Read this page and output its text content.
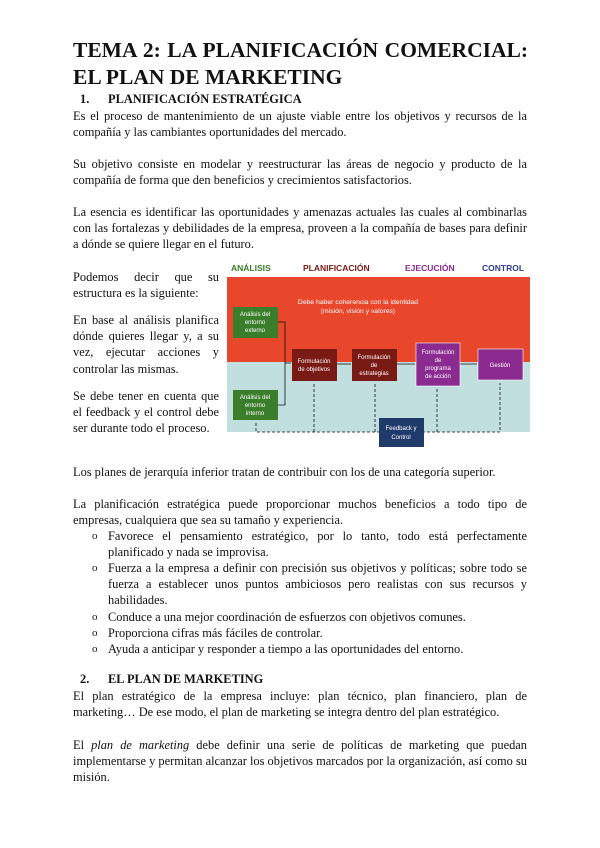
TEMA 2: LA PLANIFICACIÓN COMERCIAL: EL PLAN DE MARKETING
1. PLANIFICACIÓN ESTRATÉGICA
Es el proceso de mantenimiento de un ajuste viable entre los objetivos y recursos de la compañía y las cambiantes oportunidades del mercado.
Su objetivo consiste en modelar y reestructurar las áreas de negocio y producto de la compañía de forma que den beneficios y crecimientos satisfactorios.
La esencia es identificar las oportunidades y amenazas actuales las cuales al combinarlas con las fortalezas y debilidades de la empresa, proveen a la compañía de bases para definir a dónde se quiere llegar en el futuro.
Podemos decir que su estructura es la siguiente:
En base al análisis planifica dónde quieres llegar y, a su vez, ejecutar acciones y controlar las mismas.
Se debe tener en cuenta que el feedback y el control debe ser durante todo el proceso.
ANÁLISIS	PLANIFICACIÓN	EJECUCIÓN	CONTROL
Debe haber coherencia con la identidad
(misión, visión y valores)
Análisis del
entorno
externo
Análisis del
entorno
interno
Formulación
de objetivos
Formulación
de
estrategias
Formulación
de
programa
de acción
Gestión
Feedback y
Control
Los planes de jerarquía inferior tratan de contribuir con los de una categoría superior.
La planificación estratégica puede proporcionar muchos beneficios a todo tipo de empresas, cualquiera que sea su tamaño y experiencia.
o Favorece el pensamiento estratégico, por lo tanto, todo está perfectamente planificado y nada se improvisa.
o Fuerza a la empresa a definir con precisión sus objetivos y políticas; sobre todo se fuerza a establecer unos puntos ambiciosos pero realistas con sus recursos y habilidades.
o Conduce a una mejor coordinación de esfuerzos con objetivos comunes.
o Proporciona cifras más fáciles de controlar.
o Ayuda a anticipar y responder a tiempo a las oportunidades del entorno.
2. EL PLAN DE MARKETING
El plan estratégico de la empresa incluye: plan técnico, plan financiero, plan de marketing… De ese modo, el plan de marketing se integra dentro del plan estratégico.
El plan de marketing debe definir una serie de políticas de marketing que puedan implementarse y permitan alcanzar los objetivos marcados por la organización, así como su misión.
